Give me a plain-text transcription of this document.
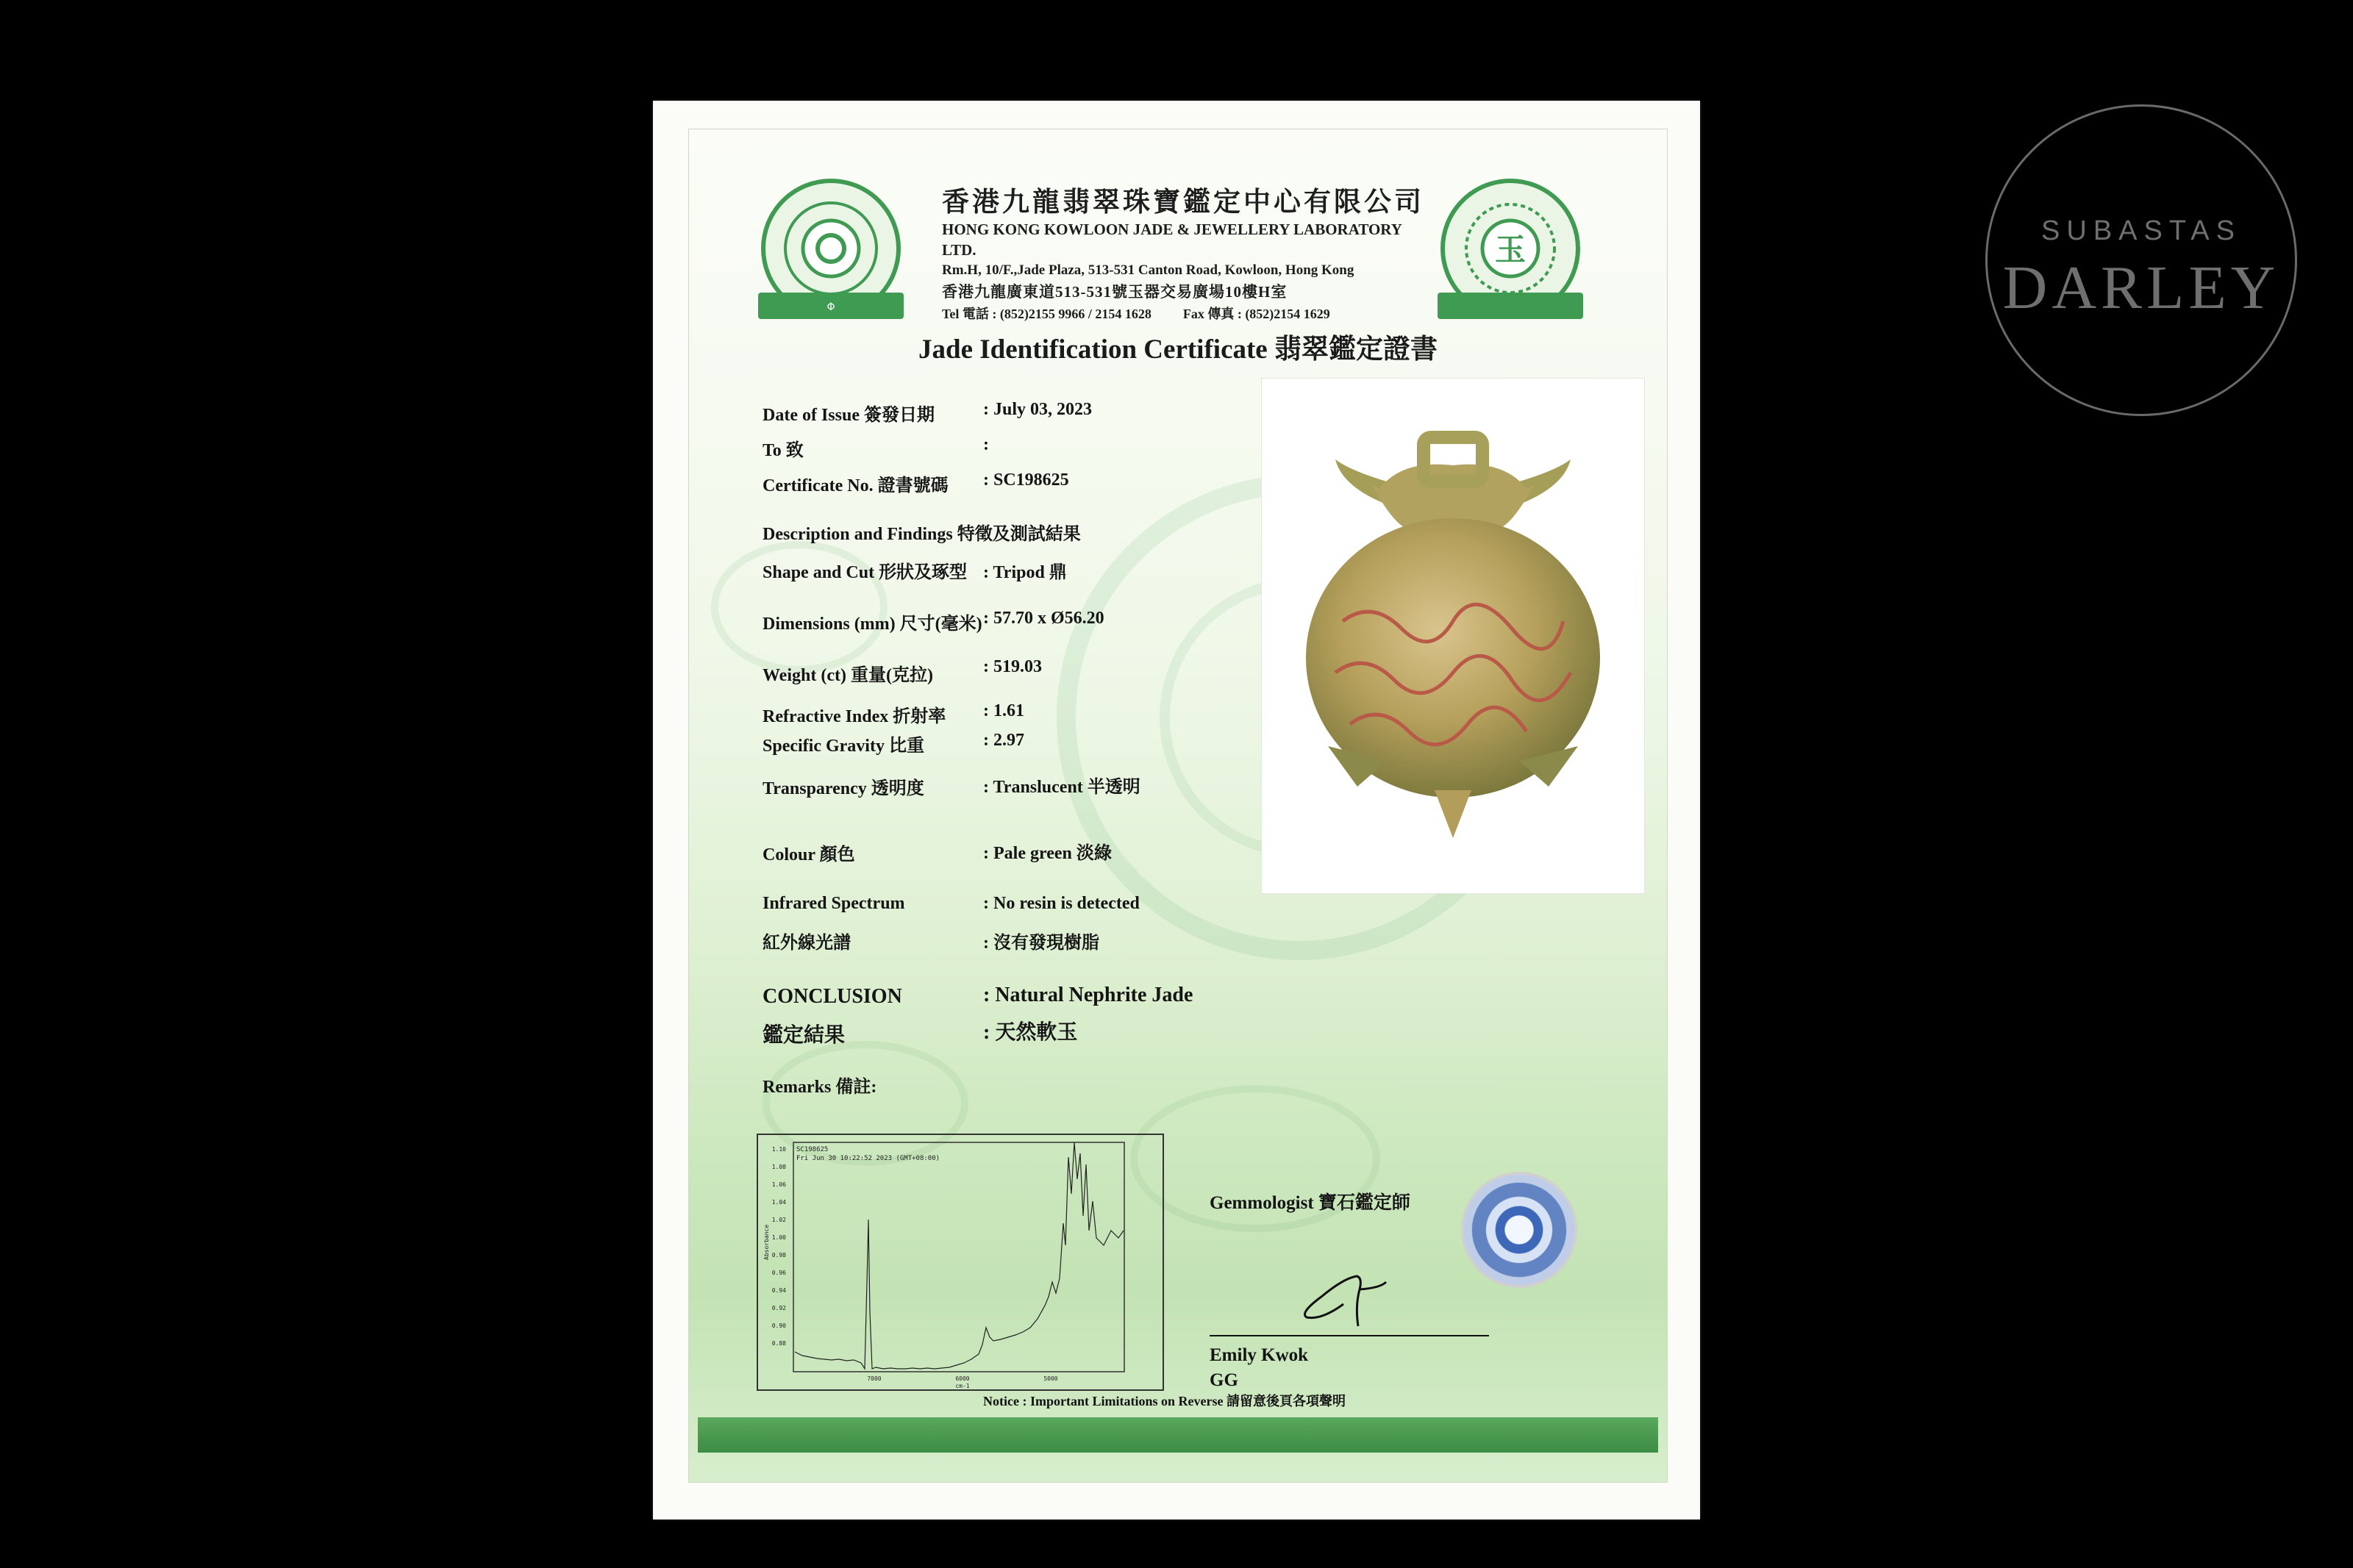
SUBASTAS
DARLEY
Φ
香港九龍翡翠珠寶鑑定中心有限公司
HONG KONG KOWLOON JADE & JEWELLERY LABORATORY LTD.
Rm.H, 10/F.,Jade Plaza, 513-531 Canton Road, Kowloon, Hong Kong
香港九龍廣東道513-531號玉器交易廣場10樓H室
Tel 電話 : (852)2155 9966 / 2154 1628 Fax 傳真 : (852)2154 1629
玉
Jade Identification Certificate 翡翠鑑定證書
Date of Issue 簽發日期	: July 03, 2023
To 致	:
Certificate No. 證書號碼 : SC198625
Description and Findings 特徵及測試結果
Shape and Cut 形狀及琢型 : Tripod 鼎
Dimensions (mm) 尺寸(毫米) : 57.70 x Ø56.20
Weight (ct) 重量(克拉)	: 519.03
Refractive Index 折射率 : 1.61
Specific Gravity 比重	: 2.97
Transparency 透明度	: Translucent 半透明
Colour 顏色	: Pale green 淡綠
Infrared Spectrum	: No resin is detected
紅外線光譜	: 沒有發現樹脂
CONCLUSION	: Natural Nephrite Jade
鑑定結果	: 天然軟玉
Remarks 備註:
SC198625
Fri Jun 30 10:22:52 2023 (GMT+08:00)
Absorbance
1.10
1.08
1.06
1.04
1.02
1.00
0.98
0.96
0.94
0.92
0.90
0.88
7000	6000	5000
cm-1
Gemmologist 寶石鑑定師
Emily Kwok
GG
Notice : Important Limitations on Reverse 請留意後頁各項聲明
